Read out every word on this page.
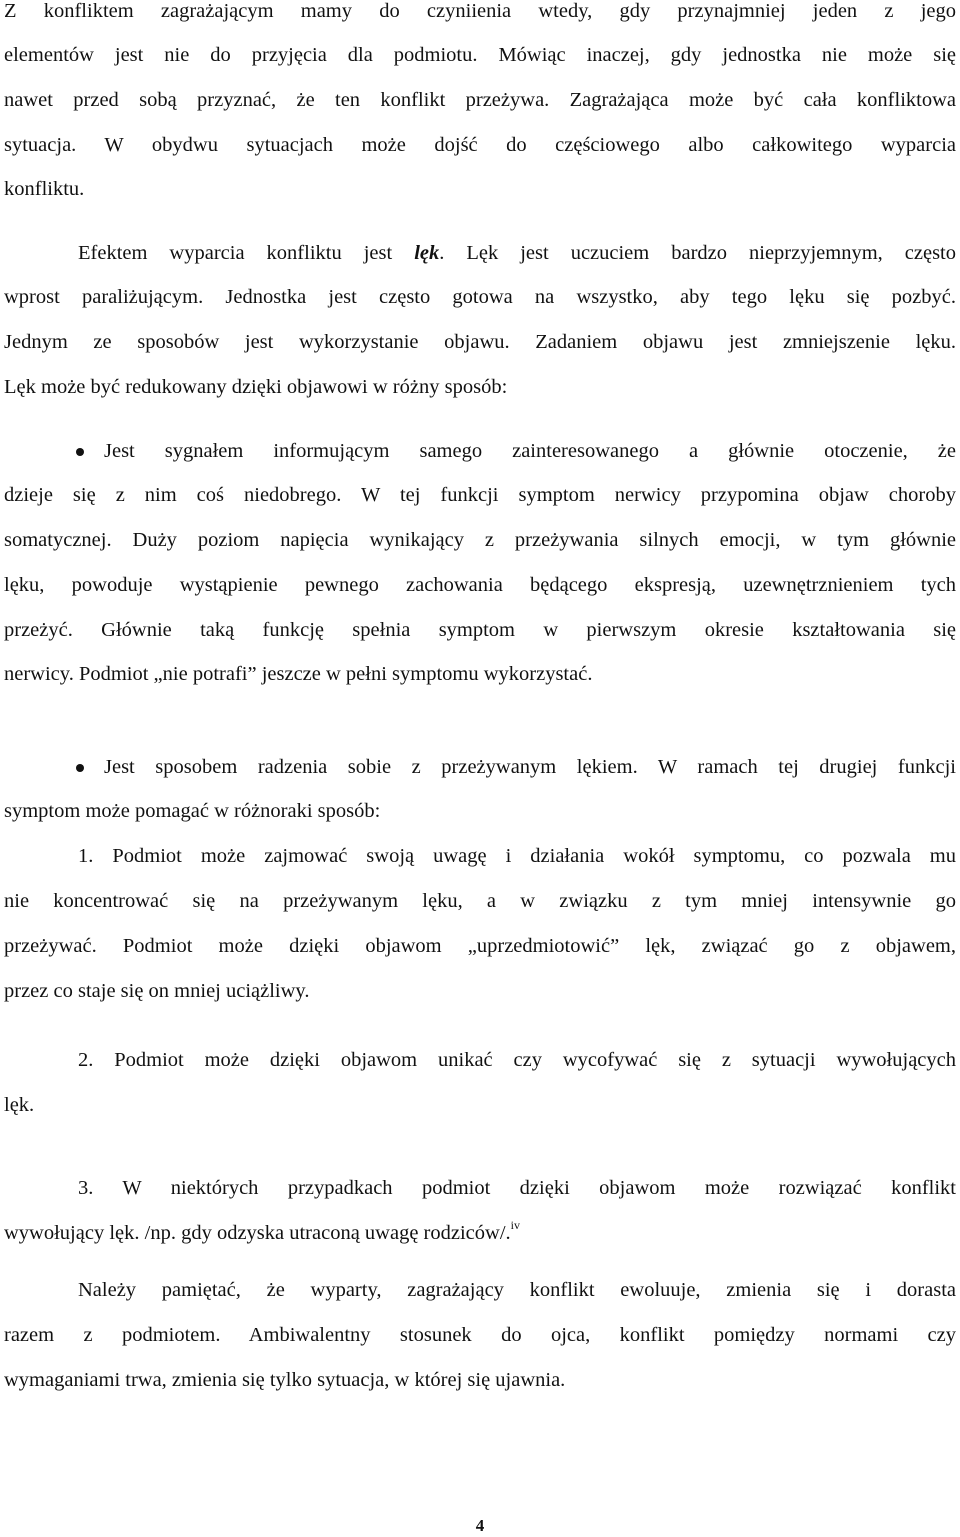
Z konfliktem zagrażającym mamy do czyniienia wtedy, gdy przynajmniej jeden z jego
elementów jest nie do przyjęcia dla podmiotu. Mówiąc inaczej, gdy jednostka nie może się
nawet przed sobą przyznać, że ten konflikt przeżywa. Zagrażająca może być cała konfliktowa
sytuacja. W obydwu sytuacjach może dojść do częściowego albo całkowitego wyparcia
konfliktu.
Efektem wyparcia konfliktu jest lęk. Lęk jest uczuciem bardzo nieprzyjemnym, często
wprost paraliżującym. Jednostka jest często gotowa na wszystko, aby tego lęku się pozbyć.
Jednym ze sposobów jest wykorzystanie objawu. Zadaniem objawu jest zmniejszenie lęku.
Lęk może być redukowany dzięki objawowi w różny sposób:
Jest sygnałem informującym samego zainteresowanego a głównie otoczenie, że
dzieje się z nim coś niedobrego. W tej funkcji symptom nerwicy przypomina objaw choroby
somatycznej. Duży poziom napięcia wynikający z przeżywania silnych emocji, w tym głównie
lęku, powoduje wystąpienie pewnego zachowania będącego ekspresją, uzewnętrznieniem tych
przeżyć. Głównie taką funkcję spełnia symptom w pierwszym okresie kształtowania się
nerwicy. Podmiot „nie potrafi” jeszcze w pełni symptomu wykorzystać.
Jest sposobem radzenia sobie z przeżywanym lękiem. W ramach tej drugiej funkcji
symptom może pomagać w różnoraki sposób:
1. Podmiot może zajmować swoją uwagę i działania wokół symptomu, co pozwala mu
nie koncentrować się na przeżywanym lęku, a w związku z tym mniej intensywnie go
przeżywać. Podmiot może dzięki objawom „uprzedmiotowić” lęk, związać go z objawem,
przez co staje się on mniej uciążliwy.
2. Podmiot może dzięki objawom unikać czy wycofywać się z sytuacji wywołujących
lęk.
3. W niektórych przypadkach podmiot dzięki objawom może rozwiązać konflikt
wywołujący lęk. /np. gdy odzyska utraconą uwagę rodziców/.$^{iv}$
Należy pamiętać, że wyparty, zagrażający konflikt ewoluuje, zmienia się i dorasta
razem z podmiotem. Ambiwalentny stosunek do ojca, konflikt pomiędzy normami czy
wymaganiami trwa, zmienia się tylko sytuacja, w której się ujawnia.
4
